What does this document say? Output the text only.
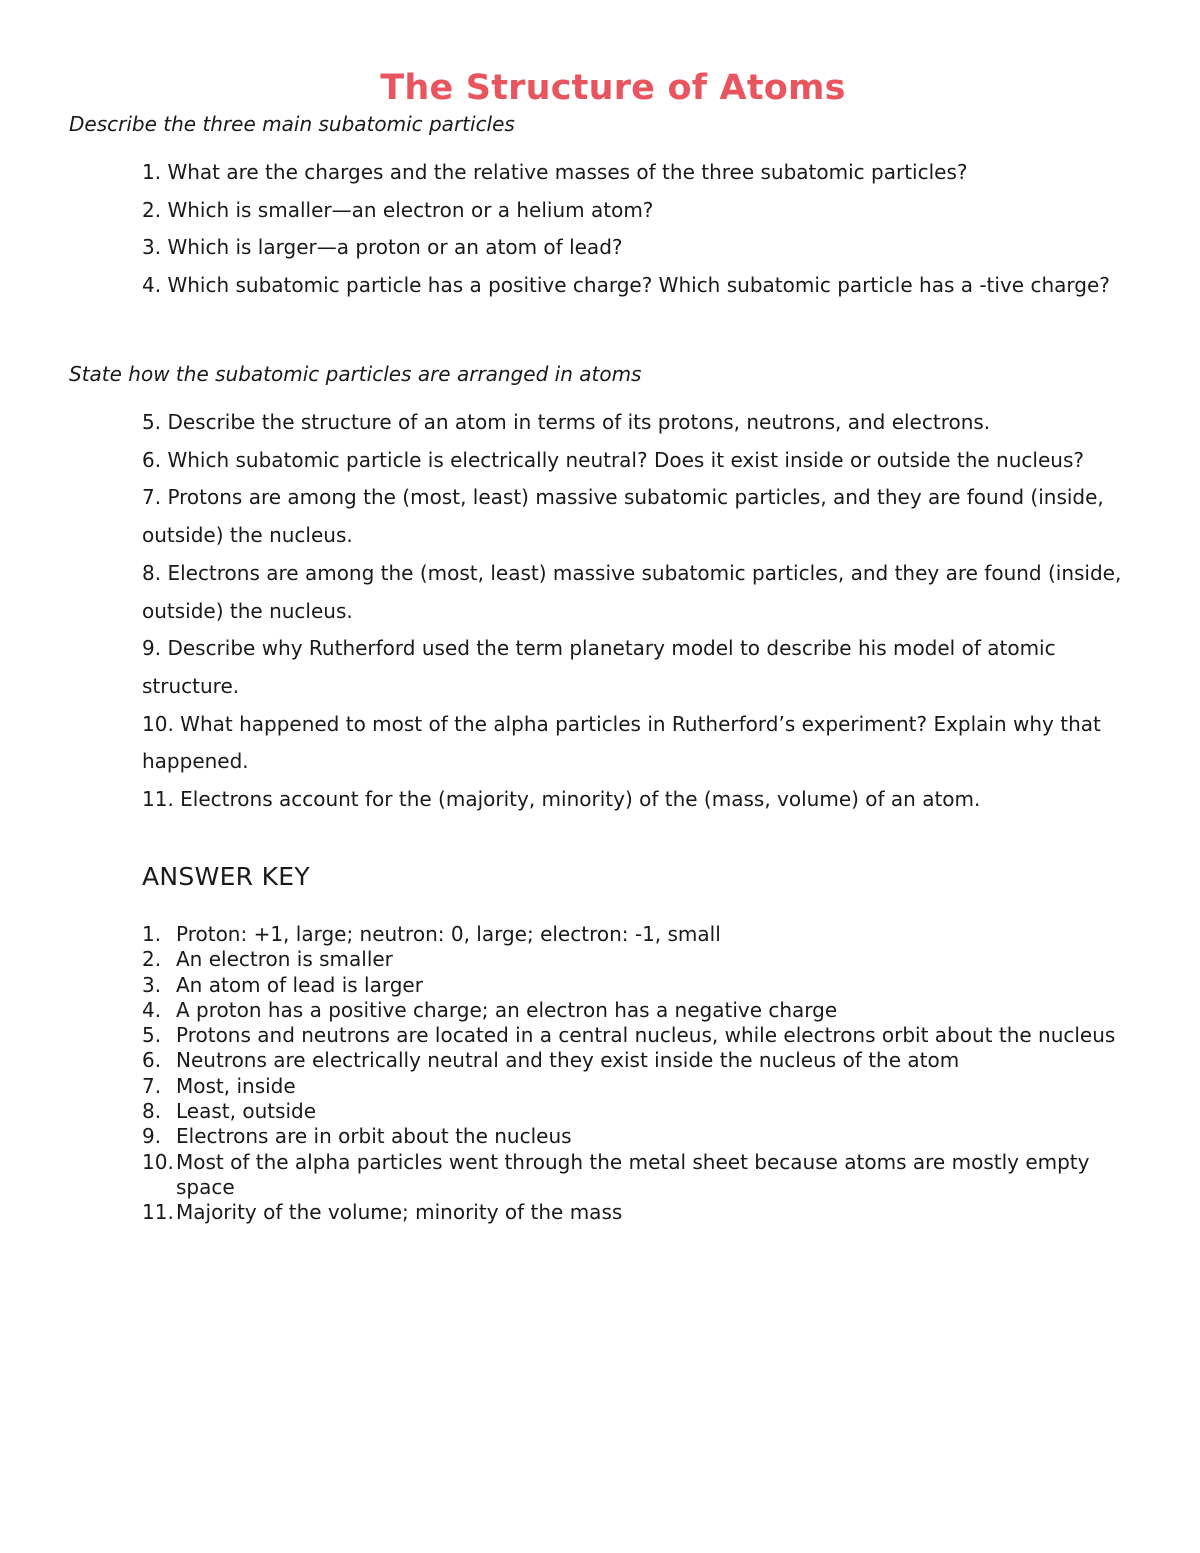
The Structure of Atoms

Describe the three main subatomic particles

1. What are the charges and the relative masses of the three subatomic particles?
2. Which is smaller—an electron or a helium atom?
3. Which is larger—a proton or an atom of lead?
4. Which subatomic particle has a positive charge? Which subatomic particle has a -tive charge?

State how the subatomic particles are arranged in atoms

5. Describe the structure of an atom in terms of its protons, neutrons, and electrons.
6. Which subatomic particle is electrically neutral? Does it exist inside or outside the nucleus?
7. Protons are among the (most, least) massive subatomic particles, and they are found (inside, outside) the nucleus.
8. Electrons are among the (most, least) massive subatomic particles, and they are found (inside, outside) the nucleus.
9. Describe why Rutherford used the term planetary model to describe his model of atomic structure.
10. What happened to most of the alpha particles in Rutherford’s experiment? Explain why that happened.
11. Electrons account for the (majority, minority) of the (mass, volume) of an atom.
ANSWER KEY
1. Proton: +1, large; neutron: 0, large; electron: -1, small
2. An electron is smaller
3. An atom of lead is larger
4. A proton has a positive charge; an electron has a negative charge
5. Protons and neutrons are located in a central nucleus, while electrons orbit about the nucleus
6. Neutrons are electrically neutral and they exist inside the nucleus of the atom
7. Most, inside
8. Least, outside
9. Electrons are in orbit about the nucleus
10. Most of the alpha particles went through the metal sheet because atoms are mostly empty space
11. Majority of the volume; minority of the mass
